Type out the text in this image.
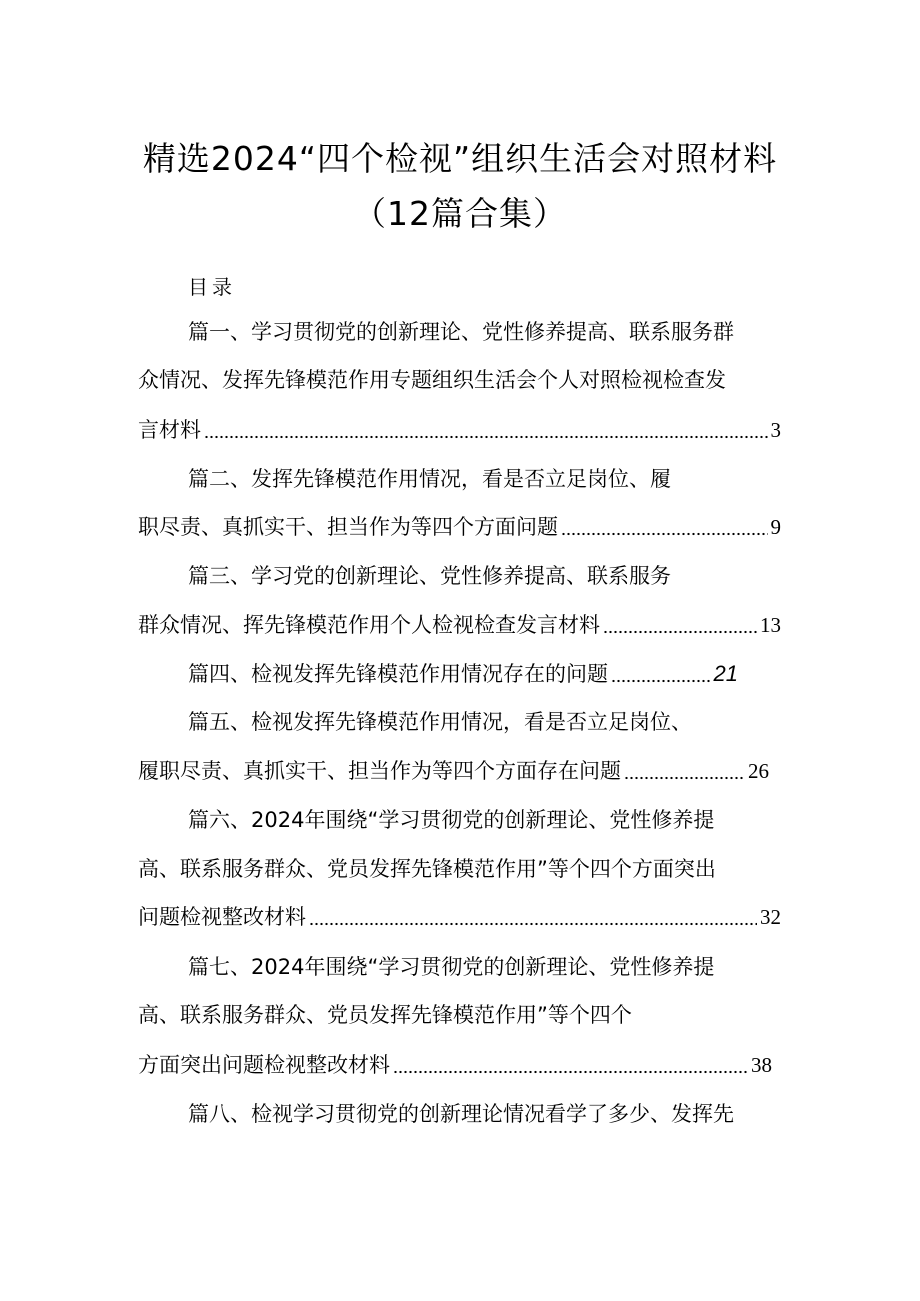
精选2024“四个检视”组织生活会对照材料
（12篇合集）
目录
篇一、学习贯彻党的创新理论、党性修养提高、联系服务群
众情况、发挥先锋模范作用专题组织生活会个人对照检视检查发
言材料	3
篇二、发挥先锋模范作用情况，看是否立足岗位、履
职尽责、真抓实干、担当作为等四个方面问题	9
篇三、学习党的创新理论、党性修养提高、联系服务
群众情况、挥先锋模范作用个人检视检查发言材料	13
篇四、检视发挥先锋模范作用情况存在的问题	21
篇五、检视发挥先锋模范作用情况，看是否立足岗位、
履职尽责、真抓实干、担当作为等四个方面存在问题	26
篇六、2024年围绕“学习贯彻党的创新理论、党性修养提
高、联系服务群众、党员发挥先锋模范作用”等个四个方面突出
问题检视整改材料	32
篇七、2024年围绕“学习贯彻党的创新理论、党性修养提
高、联系服务群众、党员发挥先锋模范作用”等个四个
方面突出问题检视整改材料	38
篇八、检视学习贯彻党的创新理论情况看学了多少、发挥先
